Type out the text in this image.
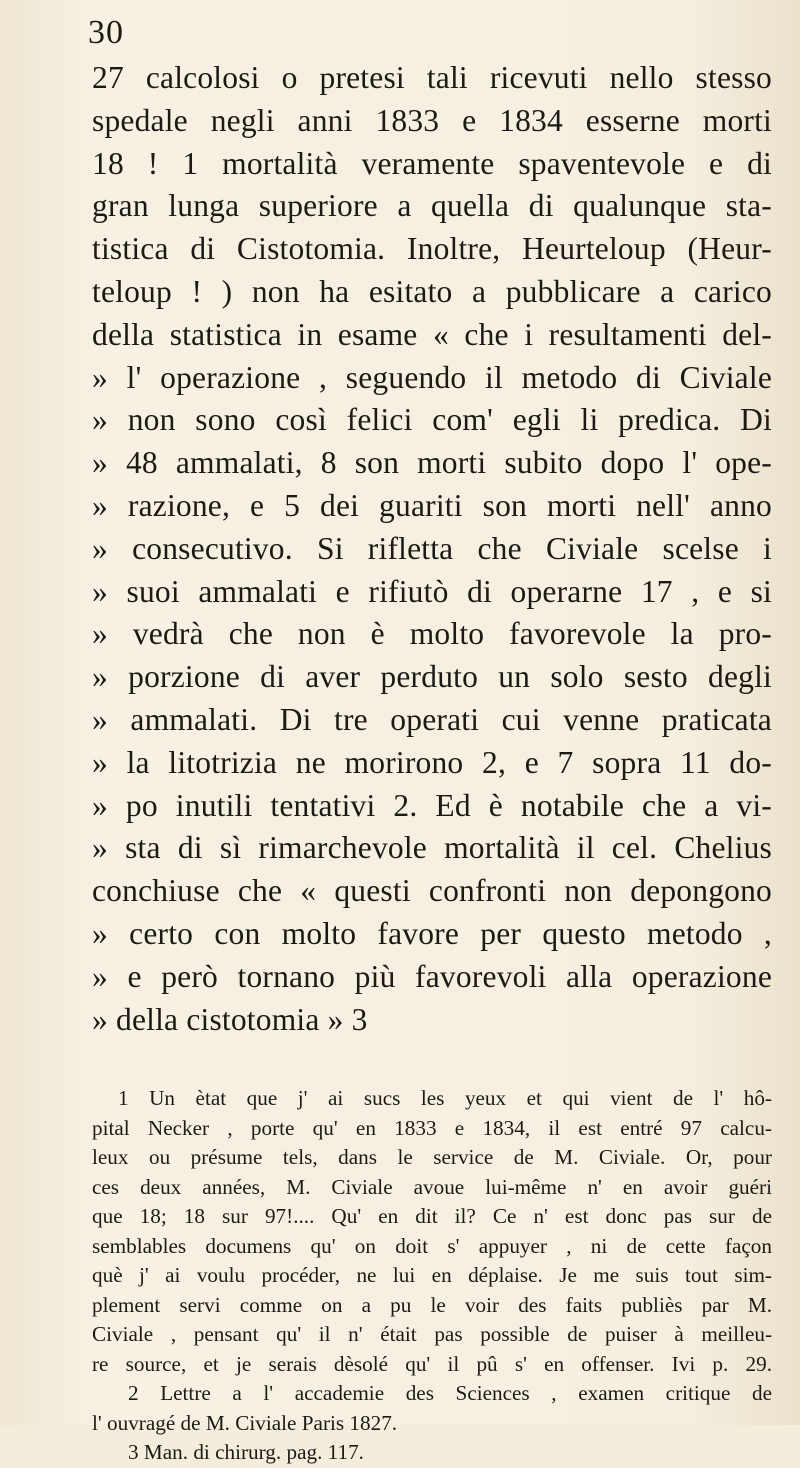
30
27 calcolosi o pretesi tali ricevuti nello stesso
spedale negli anni 1833 e 1834 esserne morti
18 ! 1 mortalità veramente spaventevole e di
gran lunga superiore a quella di qualunque sta-
tistica di Cistotomia. Inoltre, Heurteloup (Heur-
teloup ! ) non ha esitato a pubblicare a carico
della statistica in esame « che i resultamenti del-
» l' operazione , seguendo il metodo di Civiale
» non sono così felici com' egli li predica. Di
» 48 ammalati, 8 son morti subito dopo l' ope-
» razione, e 5 dei guariti son morti nell' anno
» consecutivo. Si rifletta che Civiale scelse i
» suoi ammalati e rifiutò di operarne 17 , e si
» vedrà che non è molto favorevole la pro-
» porzione di aver perduto un solo sesto degli
» ammalati. Di tre operati cui venne praticata
» la litotrizia ne morirono 2, e 7 sopra 11 do-
» po inutili tentativi 2. Ed è notabile che a vi-
» sta di sì rimarchevole mortalità il cel. Chelius
conchiuse che « questi confronti non depongono
» certo con molto favore per questo metodo ,
» e però tornano più favorevoli alla operazione
» della cistotomia » 3
1 Un ètat que j' ai sucs les yeux et qui vient de l' hô-
pital Necker , porte qu' en 1833 e 1834, il est entré 97 calcu-
leux ou présume tels, dans le service de M. Civiale. Or, pour
ces deux années, M. Civiale avoue lui-même n' en avoir guéri
que 18; 18 sur 97!.... Qu' en dit il? Ce n' est donc pas sur de
semblables documens qu' on doit s' appuyer , ni de cette façon
què j' ai voulu procéder, ne lui en déplaise. Je me suis tout sim-
plement servi comme on a pu le voir des faits publiès par M.
Civiale , pensant qu' il n' était pas possible de puiser à meilleu-
re source, et je serais dèsolé qu' il pû s' en offenser. Ivi p. 29.
2 Lettre a l' accademie des Sciences , examen critique de
l' ouvragé de M. Civiale Paris 1827.
3 Man. di chirurg. pag. 117.
